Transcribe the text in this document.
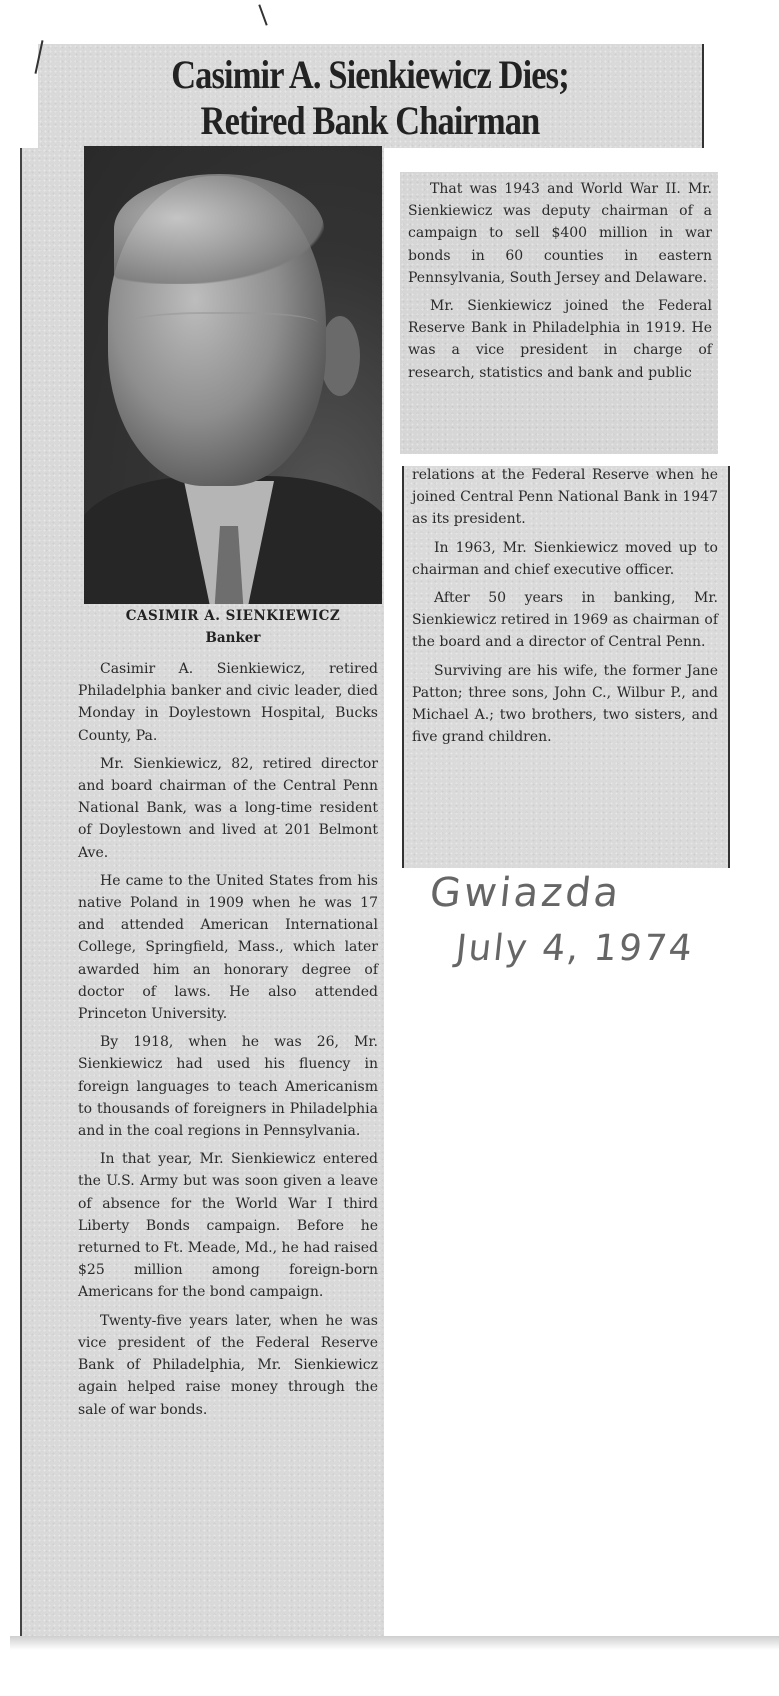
Casimir A. Sienkiewicz Dies;
Retired Bank Chairman
CASIMIR A. SIENKIEWICZ
Banker

Casimir A. Sienkiewicz, retired Philadelphia banker and civic leader, died Monday in Doylestown Hospital, Bucks County, Pa.

Mr. Sienkiewicz, 82, retired director and board chairman of the Central Penn National Bank, was a long-time resident of Doylestown and lived at 201 Belmont Ave.

He came to the United States from his native Poland in 1909 when he was 17 and attended American International College, Springfield, Mass., which later awarded him an honorary degree of doctor of laws. He also attended Princeton University.

By 1918, when he was 26, Mr. Sienkiewicz had used his fluency in foreign languages to teach Americanism to thousands of foreigners in Philadelphia and in the coal regions in Pennsylvania.

In that year, Mr. Sienkiewicz entered the U.S. Army but was soon given a leave of absence for the World War I third Liberty Bonds campaign. Before he returned to Ft. Meade, Md., he had raised $25 million among foreign-born Americans for the bond campaign.

Twenty-five years later, when he was vice president of the Federal Reserve Bank of Philadelphia, Mr. Sienkiewicz again helped raise money through the sale of war bonds.

That was 1943 and World War II. Mr. Sienkiewicz was deputy chairman of a campaign to sell $400 million in war bonds in 60 counties in eastern Pennsylvania, South Jersey and Delaware.

Mr. Sienkiewicz joined the Federal Reserve Bank in Philadelphia in 1919. He was a vice president in charge of research, statistics and bank and public

relations at the Federal Reserve when he joined Central Penn National Bank in 1947 as its president.

In 1963, Mr. Sienkiewicz moved up to chairman and chief executive officer.

After 50 years in banking, Mr. Sienkiewicz retired in 1969 as chairman of the board and a director of Central Penn.

Surviving are his wife, the former Jane Patton; three sons, John C., Wilbur P., and Michael A.; two brothers, two sisters, and five grand children.

Gwiazda
July 4, 1974
